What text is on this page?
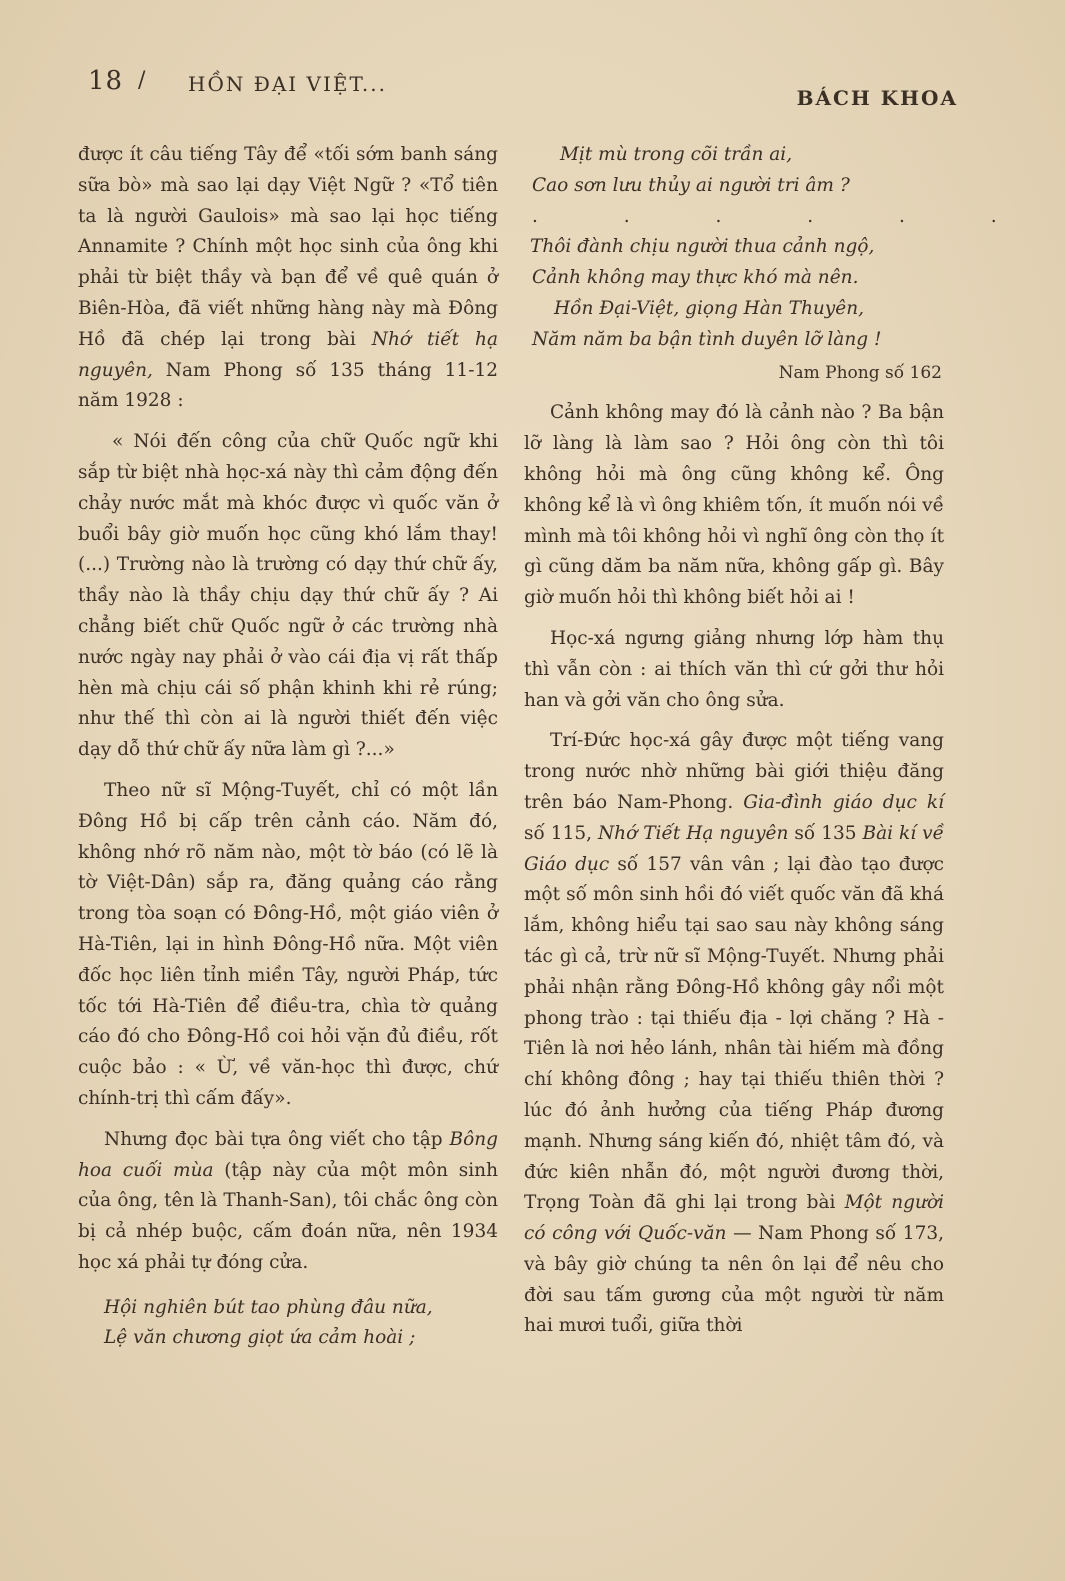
18 / HỒN ĐẠI VIỆT...
BÁCH KHOA

được ít câu tiếng Tây để «tối sớm banh sáng sữa bò» mà sao lại dạy Việt Ngữ ? «Tổ tiên ta là người Gaulois» mà sao lại học tiếng Annamite ? Chính một học sinh của ông khi phải từ biệt thầy và bạn để về quê quán ở Biên-Hòa, đã viết những hàng này mà Đông Hồ đã chép lại trong bài Nhớ tiết hạ nguyên, Nam Phong số 135 tháng 11-12 năm 1928 :

« Nói đến công của chữ Quốc ngữ khi sắp từ biệt nhà học-xá này thì cảm động đến chảy nước mắt mà khóc được vì quốc văn ở buổi bây giờ muốn học cũng khó lắm thay! (...) Trường nào là trường có dạy thứ chữ ấy, thầy nào là thầy chịu dạy thứ chữ ấy ? Ai chẳng biết chữ Quốc ngữ ở các trường nhà nước ngày nay phải ở vào cái địa vị rất thấp hèn mà chịu cái số phận khinh khi rẻ rúng; như thế thì còn ai là người thiết đến việc dạy dỗ thứ chữ ấy nữa làm gì ?...»

Theo nữ sĩ Mộng-Tuyết, chỉ có một lần Đông Hồ bị cấp trên cảnh cáo. Năm đó, không nhớ rõ năm nào, một tờ báo (có lẽ là tờ Việt-Dân) sắp ra, đăng quảng cáo rằng trong tòa soạn có Đông-Hồ, một giáo viên ở Hà-Tiên, lại in hình Đông-Hồ nữa. Một viên đốc học liên tỉnh miền Tây, người Pháp, tức tốc tới Hà-Tiên để điều-tra, chìa tờ quảng cáo đó cho Đông-Hồ coi hỏi vặn đủ điều, rốt cuộc bảo : « Ừ, về văn-học thì được, chứ chính-trị thì cấm đấy».

Nhưng đọc bài tựa ông viết cho tập Bông hoa cuối mùa (tập này của một môn sinh của ông, tên là Thanh-San), tôi chắc ông còn bị cả nhép buộc, cấm đoán nữa, nên 1934 học xá phải tự đóng cửa.

Hội nghiên bút tao phùng đâu nữa,
Lệ văn chương giọt ứa cảm hoài ;
Mịt mù trong cõi trần ai,
Cao sơn lưu thủy ai người tri âm ?
. . . . . .
Thôi đành chịu người thua cảnh ngộ,
Cảnh không may thực khó mà nên.
Hồn Đại-Việt, giọng Hàn Thuyên,
Năm năm ba bận tình duyên lỡ làng !
Nam Phong số 162

Cảnh không may đó là cảnh nào ? Ba bận lỡ làng là làm sao ? Hỏi ông còn thì tôi không hỏi mà ông cũng không kể. Ông không kể là vì ông khiêm tốn, ít muốn nói về mình mà tôi không hỏi vì nghĩ ông còn thọ ít gì cũng dăm ba năm nữa, không gấp gì. Bây giờ muốn hỏi thì không biết hỏi ai !

Học-xá ngưng giảng nhưng lớp hàm thụ thì vẫn còn : ai thích văn thì cứ gởi thư hỏi han và gởi văn cho ông sửa.

Trí-Đức học-xá gây được một tiếng vang trong nước nhờ những bài giới thiệu đăng trên báo Nam-Phong. Gia-đình giáo dục kí số 115, Nhớ Tiết Hạ nguyên số 135 Bài kí về Giáo dục số 157 vân vân ; lại đào tạo được một số môn sinh hồi đó viết quốc văn đã khá lắm, không hiểu tại sao sau này không sáng tác gì cả, trừ nữ sĩ Mộng-Tuyết. Nhưng phải phải nhận rằng Đông-Hồ không gây nổi một phong trào : tại thiếu địa - lợi chăng ? Hà - Tiên là nơi hẻo lánh, nhân tài hiếm mà đồng chí không đông ; hay tại thiếu thiên thời ? lúc đó ảnh hưởng của tiếng Pháp đương mạnh. Nhưng sáng kiến đó, nhiệt tâm đó, và đức kiên nhẫn đó, một người đương thời, Trọng Toàn đã ghi lại trong bài Một người có công với Quốc-văn — Nam Phong số 173, và bây giờ chúng ta nên ôn lại để nêu cho đời sau tấm gương của một người từ năm hai mươi tuổi, giữa thời
